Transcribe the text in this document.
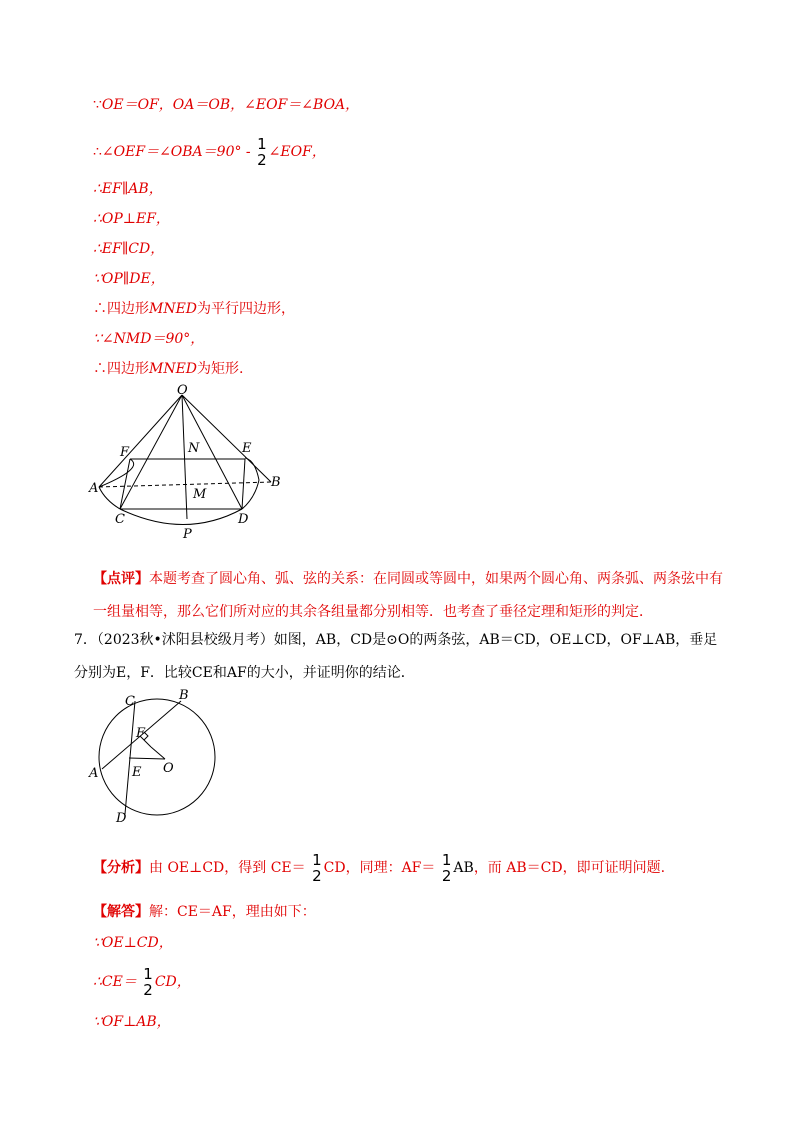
∵OE＝OF，OA＝OB，∠EOF＝∠BOA，
∴∠OEF＝∠OBA＝90° - 1
2 ∠EOF，
∴EF∥AB，
∴OP⊥EF，
∴EF∥CD，
∵OP∥DE，
∴四边形MNED为平行四边形，
∵∠NMD＝90°，
∴四边形MNED为矩形.
O
N	E
F
A	B
M
C	D
P
【点评】本题考查了圆心角、弧、弦的关系：在同圆或等圆中，如果两个圆心角、两条弧、两条弦中有一组量相等，那么它们所对应的其余各组量都分别相等．也考查了垂径定理和矩形的判定．
7．（2023秋•沭阳县校级月考）如图，AB，CD是⊙O的两条弦，AB＝CD，OE⊥CD，OF⊥AB，垂足分别为E，F．比较CE和AF的大小，并证明你的结论．
C	B
F
A	E O
D
【分析】由 OE⊥CD，得到 CE＝ 1
2 CD，同理：AF＝ 1
2 AB，而 AB＝CD，即可证明问题.
【解答】解：CE＝AF，理由如下：
∵OE⊥CD，
∴CE＝ 1
2 CD，
∵OF⊥AB，
